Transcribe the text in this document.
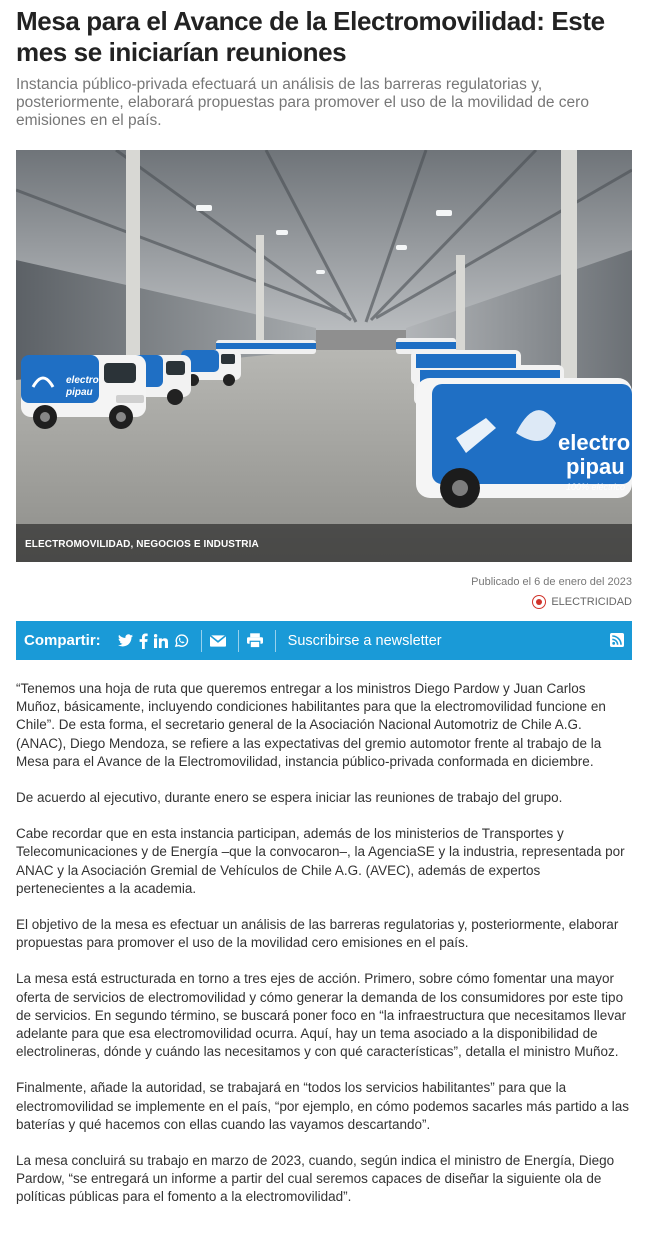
Mesa para el Avance de la Electromovilidad: Este mes se iniciarían reuniones

Instancia público-privada efectuará un análisis de las barreras regulatorias y, posteriormente, elaborará propuestas para promover el uso de la movilidad de cero emisiones en el país.

electro
pipau
electro
pipau
100% eléctrico
ELECTROMOVILIDAD, NEGOCIOS E INDUSTRIA
Publicado el 6 de enero del 2023
ELECTRICIDAD
Compartir:	Suscribirse a newsletter

“Tenemos una hoja de ruta que queremos entregar a los ministros Diego Pardow y Juan Carlos Muñoz, básicamente, incluyendo condiciones habilitantes para que la electromovilidad funcione en Chile”. De esta forma, el secretario general de la Asociación Nacional Automotriz de Chile A.G. (ANAC), Diego Mendoza, se refiere a las expectativas del gremio automotor frente al trabajo de la Mesa para el Avance de la Electromovilidad, instancia público-privada conformada en diciembre.

De acuerdo al ejecutivo, durante enero se espera iniciar las reuniones de trabajo del grupo.

Cabe recordar que en esta instancia participan, además de los ministerios de Transportes y Telecomunicaciones y de Energía –que la convocaron–, la AgenciaSE y la industria, representada por ANAC y la Asociación Gremial de Vehículos de Chile A.G. (AVEC), además de expertos pertenecientes a la academia.

El objetivo de la mesa es efectuar un análisis de las barreras regulatorias y, posteriormente, elaborar propuestas para promover el uso de la movilidad cero emisiones en el país.

La mesa está estructurada en torno a tres ejes de acción. Primero, sobre cómo fomentar una mayor oferta de servicios de electromovilidad y cómo generar la demanda de los consumidores por este tipo de servicios. En segundo término, se buscará poner foco en “la infraestructura que necesitamos llevar adelante para que esa electromovilidad ocurra. Aquí, hay un tema asociado a la disponibilidad de electrolineras, dónde y cuándo las necesitamos y con qué características”, detalla el ministro Muñoz.

Finalmente, añade la autoridad, se trabajará en “todos los servicios habilitantes” para que la electromovilidad se implemente en el país, “por ejemplo, en cómo podemos sacarles más partido a las baterías y qué hacemos con ellas cuando las vayamos descartando”.

La mesa concluirá su trabajo en marzo de 2023, cuando, según indica el ministro de Energía, Diego Pardow, “se entregará un informe a partir del cual seremos capaces de diseñar la siguiente ola de políticas públicas para el fomento a la electromovilidad”.
